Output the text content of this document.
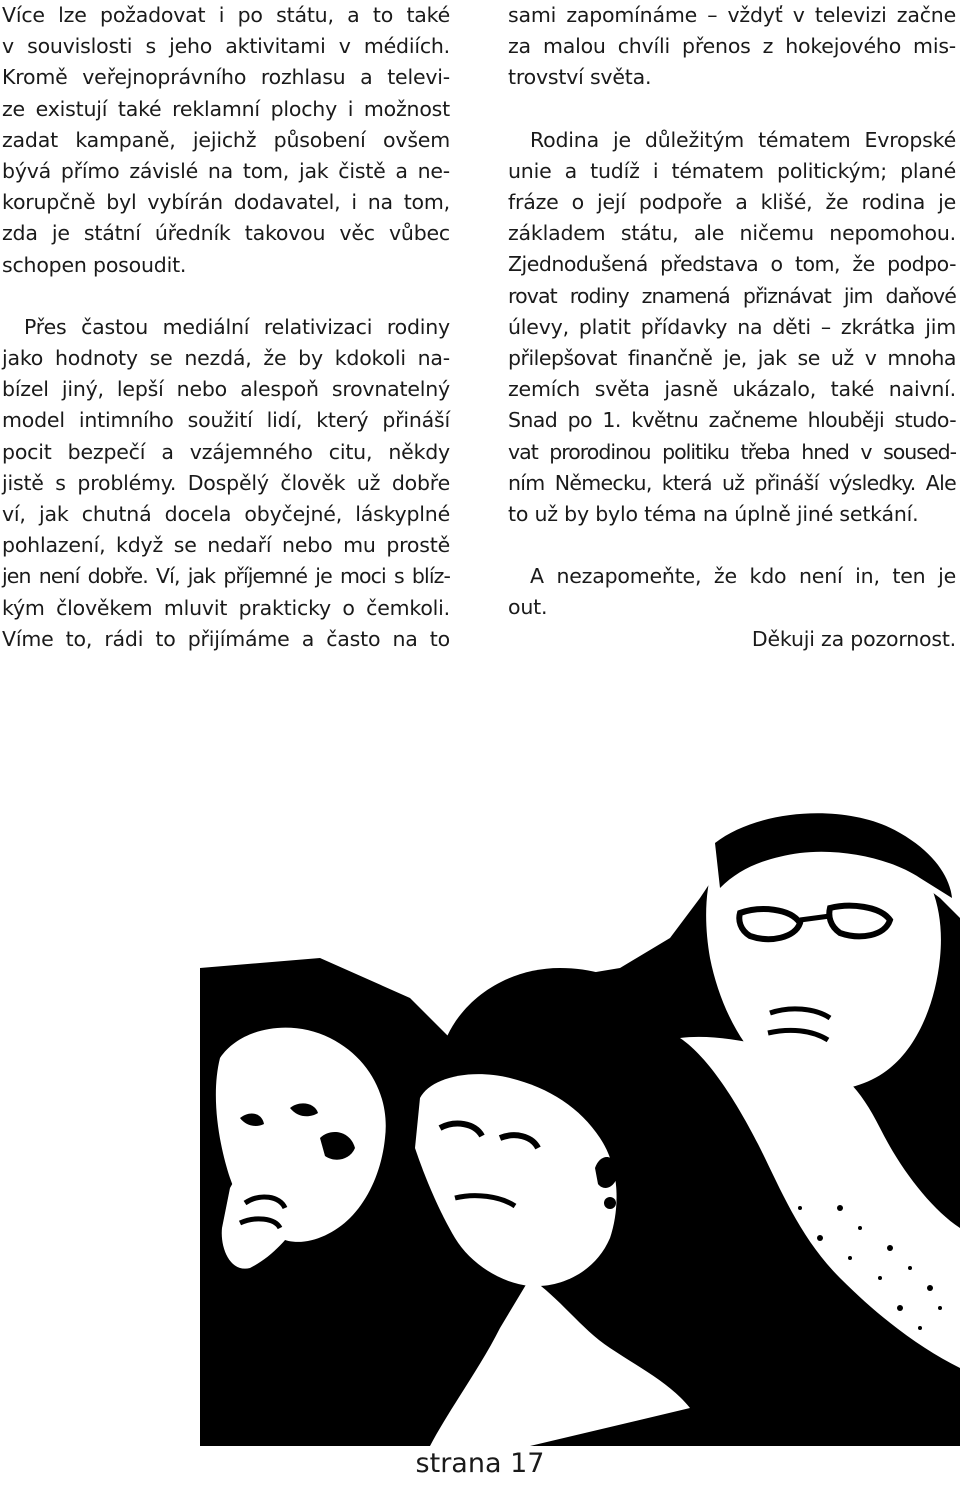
Více lze požadovat i po státu, a to také
v souvislosti s jeho aktivitami v médiích.
Kromě veřejnoprávního rozhlasu a televi-
ze existují také reklamní plochy i možnost
zadat kampaně, jejichž působení ovšem
bývá přímo závislé na tom, jak čistě a ne-
korupčně byl vybírán dodavatel, i na tom,
zda je státní úředník takovou věc vůbec
schopen posoudit.

Přes častou mediální relativizaci rodiny
jako hodnoty se nezdá, že by kdokoli na-
bízel jiný, lepší nebo alespoň srovnatelný
model intimního soužití lidí, který přináší
pocit bezpečí a vzájemného citu, někdy
jistě s problémy. Dospělý člověk už dobře
ví, jak chutná docela obyčejné, láskyplné
pohlazení, když se nedaří nebo mu prostě
jen není dobře. Ví, jak příjemné je moci s blíz-
kým člověkem mluvit prakticky o čemkoli.
Víme to, rádi to přijímáme a často na to

sami zapomínáme – vždyť v televizi začne
za malou chvíli přenos z hokejového mis-
trovství světa.

Rodina je důležitým tématem Evropské
unie a tudíž i tématem politickým; plané
fráze o její podpoře a klišé, že rodina je
základem státu, ale ničemu nepomohou.
Zjednodušená představa o tom, že podpo-
rovat rodiny znamená přiznávat jim daňové
úlevy, platit přídavky na děti – zkrátka jim
přilepšovat finančně je, jak se už v mnoha
zemích světa jasně ukázalo, také naivní.
Snad po 1. květnu začneme hlouběji studo-
vat prorodinou politiku třeba hned v soused-
ním Německu, která už přináší výsledky. Ale
to už by bylo téma na úplně jiné setkání.

A nezapomeňte, že kdo není in, ten je
out.

Děkuji za pozornost.

strana 17
